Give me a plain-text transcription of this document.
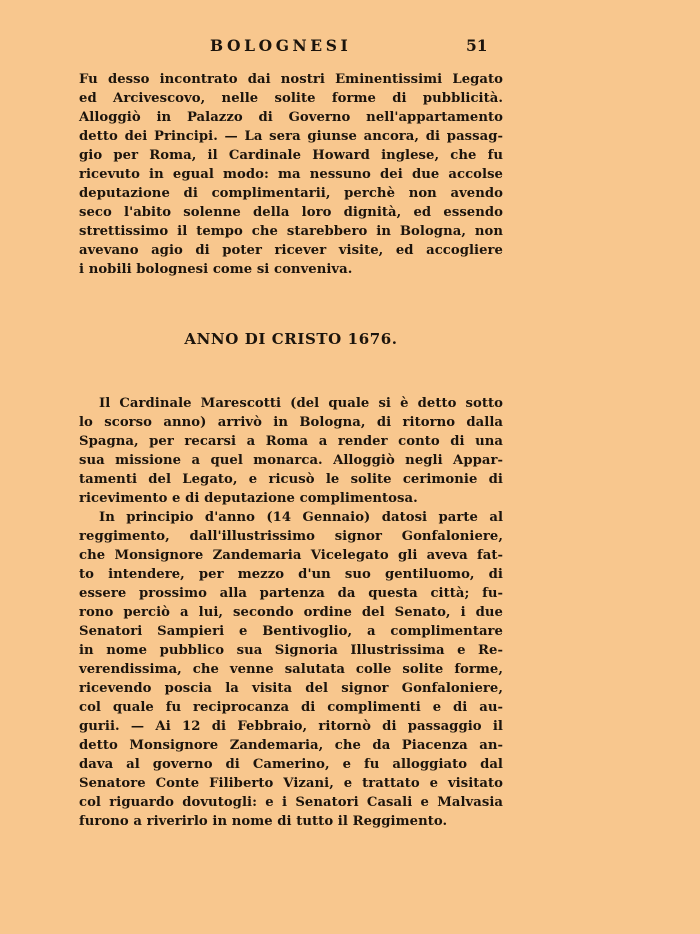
BOLOGNESI	51
Fu desso incontrato dai nostri Eminentissimi Legato
ed Arcivescovo, nelle solite forme di pubblicità.
Alloggiò in Palazzo di Governo nell'appartamento
detto dei Principi. — La sera giunse ancora, di passag-
gio per Roma, il Cardinale Howard inglese, che fu
ricevuto in egual modo: ma nessuno dei due accolse
deputazione di complimentarii, perchè non avendo
seco l'abito solenne della loro dignità, ed essendo
strettissimo il tempo che starebbero in Bologna, non
avevano agio di poter ricever visite, ed accogliere
i nobili bolognesi come si conveniva.
ANNO DI CRISTO 1676.
Il Cardinale Marescotti (del quale si è detto sotto
lo scorso anno) arrivò in Bologna, di ritorno dalla
Spagna, per recarsi a Roma a render conto di una
sua missione a quel monarca. Alloggiò negli Appar-
tamenti del Legato, e ricusò le solite cerimonie di
ricevimento e di deputazione complimentosa.
In principio d'anno (14 Gennaio) datosi parte al
reggimento, dall'illustrissimo signor Gonfaloniere,
che Monsignore Zandemaria Vicelegato gli aveva fat-
to intendere, per mezzo d'un suo gentiluomo, di
essere prossimo alla partenza da questa città; fu-
rono perciò a lui, secondo ordine del Senato, i due
Senatori Sampieri e Bentivoglio, a complimentare
in nome pubblico sua Signoria Illustrissima e Re-
verendissima, che venne salutata colle solite forme,
ricevendo poscia la visita del signor Gonfaloniere,
col quale fu reciprocanza di complimenti e di au-
gurii. — Ai 12 di Febbraio, ritornò di passaggio il
detto Monsignore Zandemaria, che da Piacenza an-
dava al governo di Camerino, e fu alloggiato dal
Senatore Conte Filiberto Vizani, e trattato e visitato
col riguardo dovutogli: e i Senatori Casali e Malvasia
furono a riverirlo in nome di tutto il Reggimento.
